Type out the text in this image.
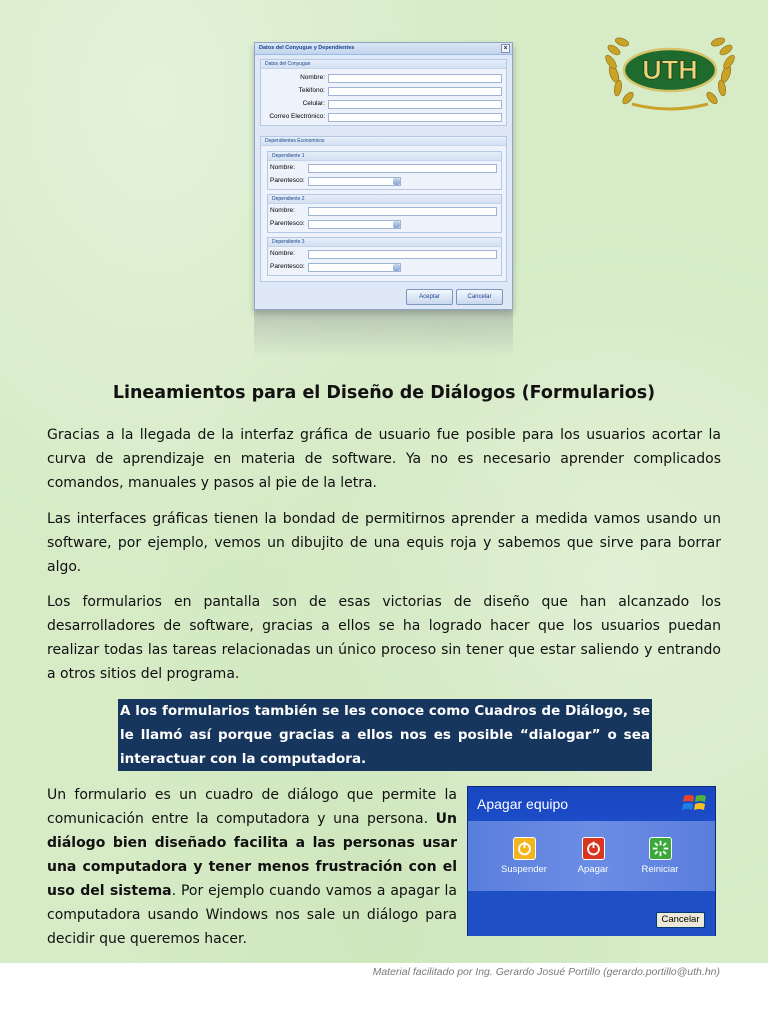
Datos del Conyugue y Dependientes	×
Datos del Conyugue
Nombre:
Teléfono:
Celular:
Correo Electrónico:
Dependientes Economicos
Dependiente 1
Nombre:
Parentesco:
Dependiente 2
Nombre:
Parentesco:
Dependiente 3
Nombre:
Parentesco:
Aceptar	Cancelar
UTH
Lineamientos para el Diseño de Diálogos (Formularios)

Gracias a la llegada de la interfaz gráfica de usuario fue posible para los usuarios acortar la curva de aprendizaje en materia de software. Ya no es necesario aprender complicados comandos, manuales y pasos al pie de la letra.

Las interfaces gráficas tienen la bondad de permitirnos aprender a medida vamos usando un software, por ejemplo, vemos un dibujito de una equis roja y sabemos que sirve para borrar algo.

Los formularios en pantalla son de esas victorias de diseño que han alcanzado los desarrolladores de software, gracias a ellos se ha logrado hacer que los usuarios puedan realizar todas las tareas relacionadas un único proceso sin tener que estar saliendo y entrando a otros sitios del programa.

A los formularios también se les conoce como Cuadros de Diálogo, se le llamó así porque gracias a ellos nos es posible “dialogar” o sea interactuar con la computadora.

Un formulario es un cuadro de diálogo que permite la comunicación entre la computadora y una persona. Un diálogo bien diseñado facilita a las personas usar una computadora y tener menos frustración con el uso del sistema. Por ejemplo cuando vamos a apagar la computadora usando Windows nos sale un diálogo para decidir que queremos hacer.

Apagar equipo
Suspender	Apagar	Reiniciar
Cancelar
Material facilitado por Ing. Gerardo Josué Portillo (gerardo.portillo@uth.hn)
